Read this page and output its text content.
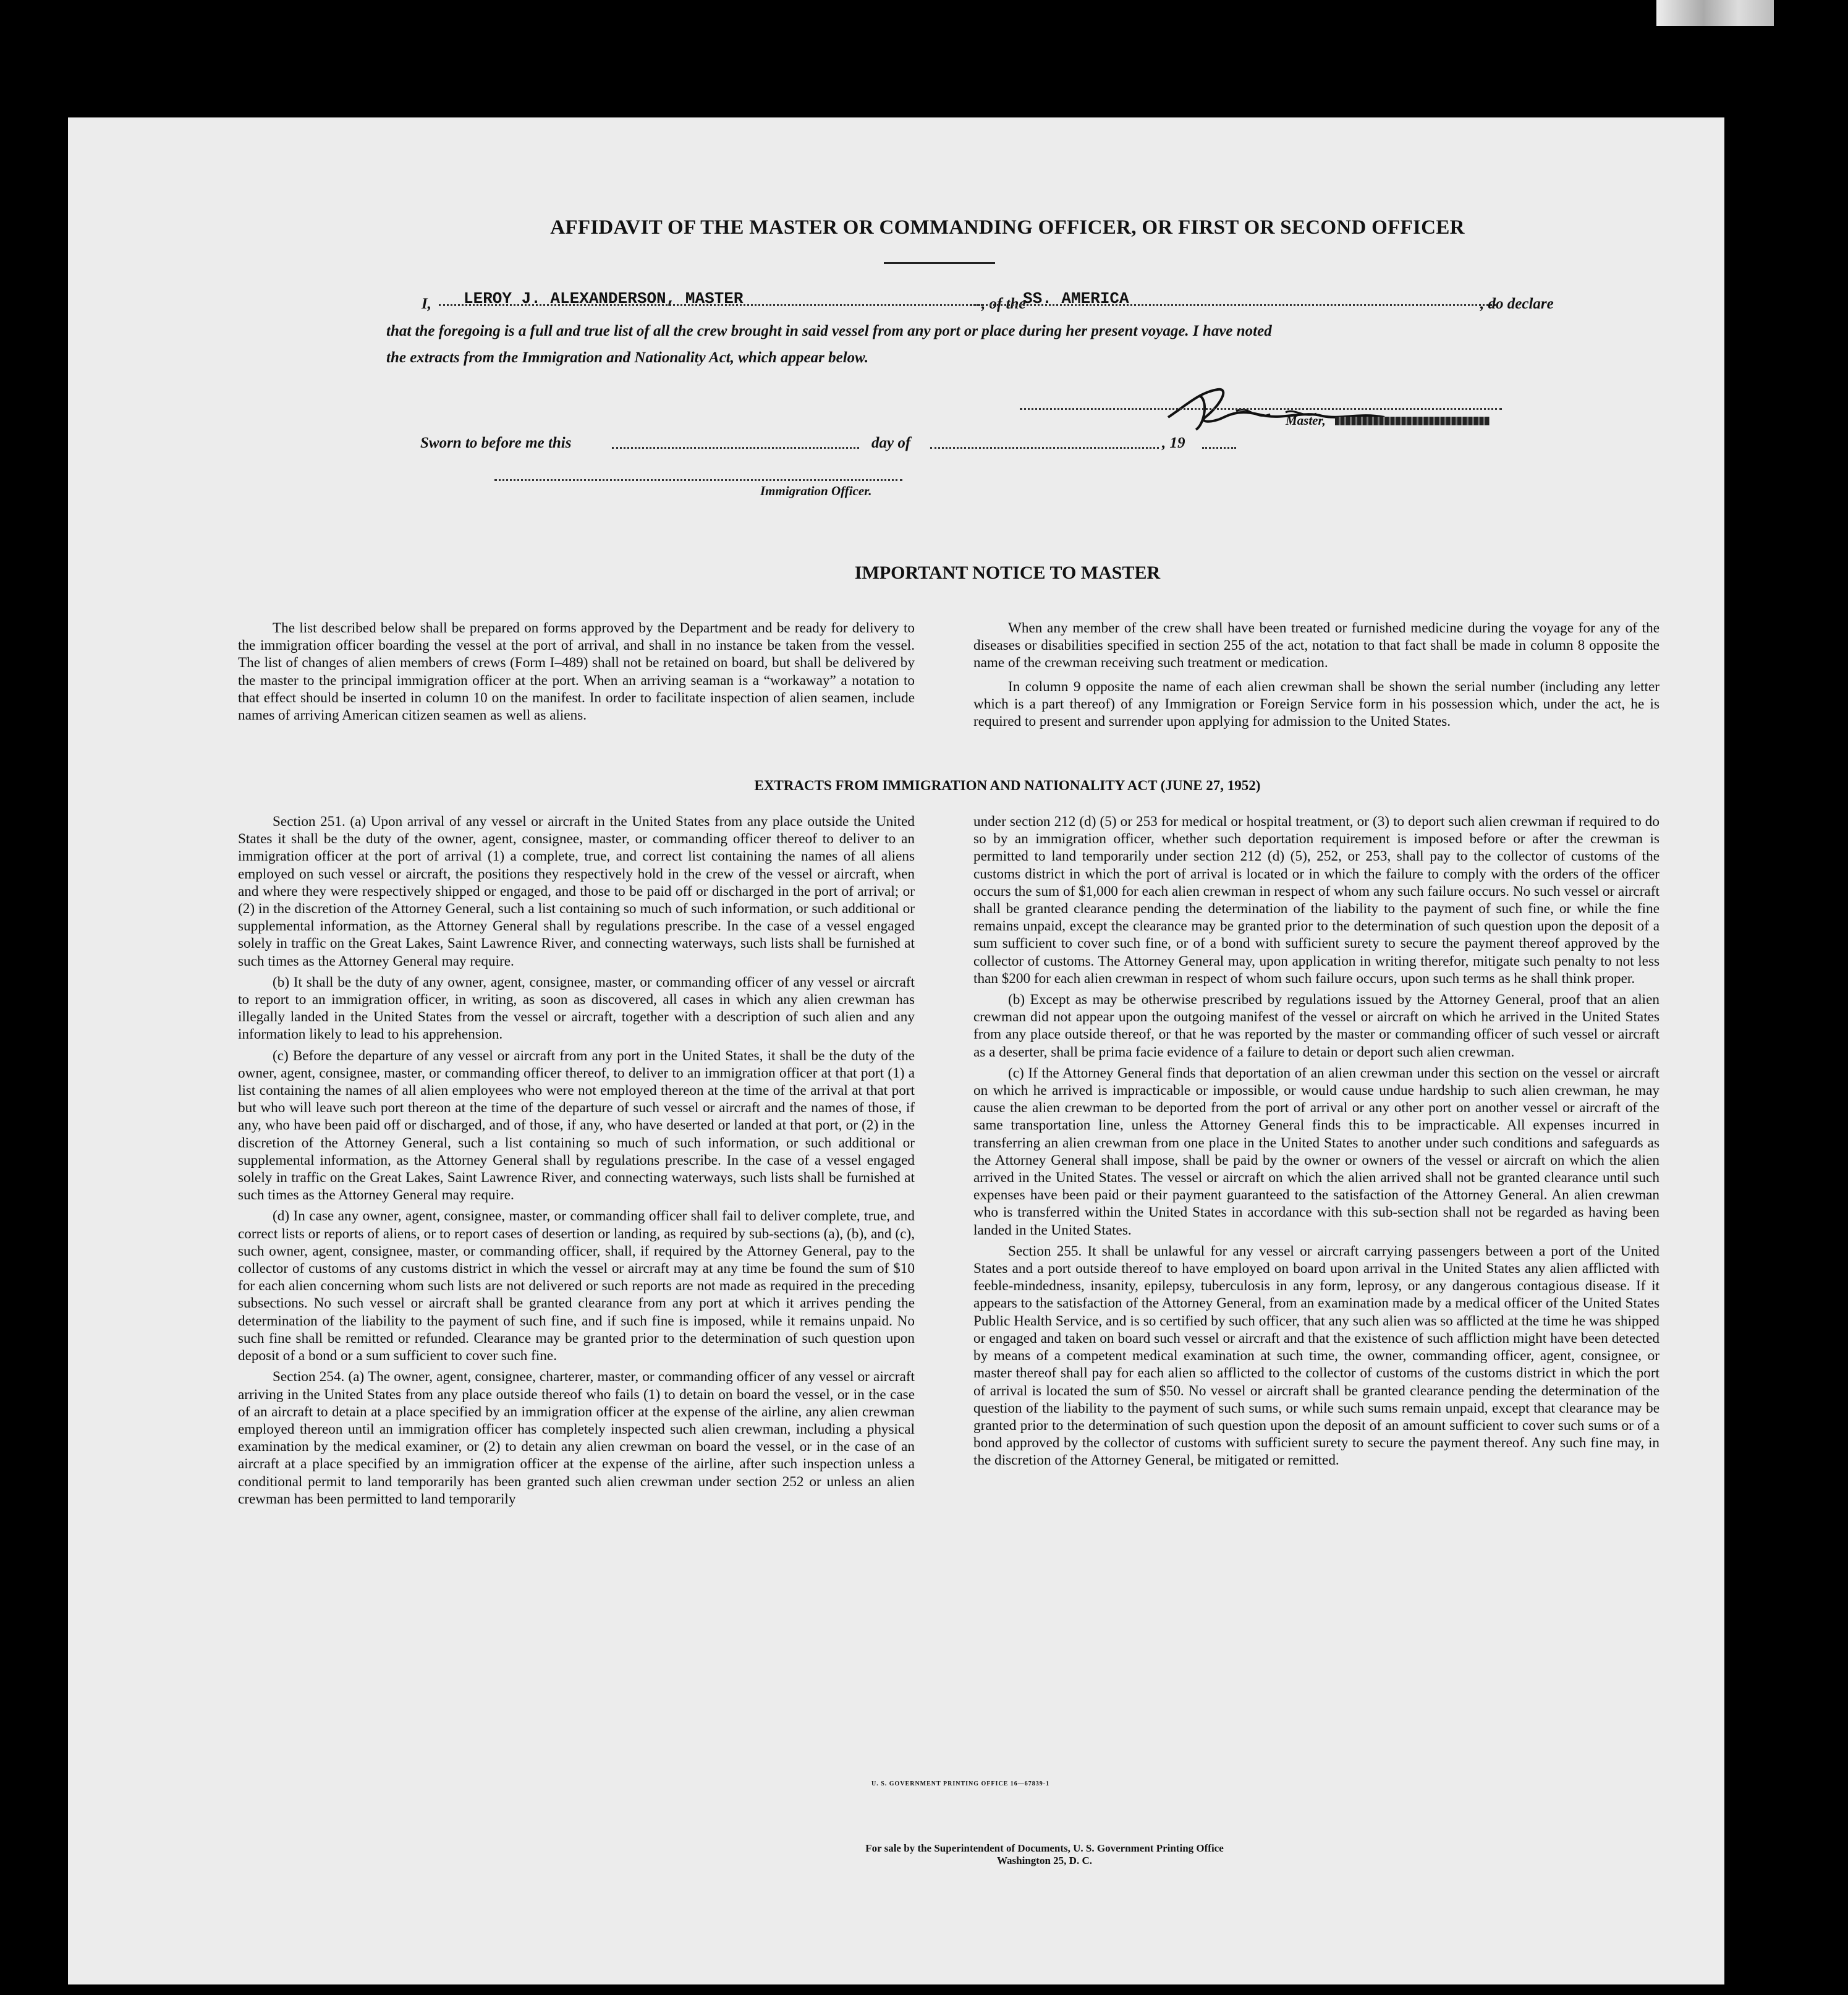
AFFIDAVIT OF THE MASTER OR COMMANDING OFFICER, OR FIRST OR SECOND OFFICER
I, LEROY J. ALEXANDERSON, MASTER	, of the
SS. AMERICA	, do declare
that the foregoing is a full and true list of all the crew brought in said vessel from any port or place during her present voyage. I have noted
the extracts from the Immigration and Nationality Act, which appear below.
Master,
Sworn to before me this	day of	, 19
Immigration Officer.
IMPORTANT NOTICE TO MASTER

The list described below shall be prepared on forms approved by the Department and be ready for delivery to the immigration officer boarding the vessel at the port of arrival, and shall in no instance be taken from the vessel. The list of changes of alien members of crews (Form I–489) shall not be retained on board, but shall be delivered by the master to the principal immigration officer at the port. When an arriving seaman is a “workaway” a notation to that effect should be inserted in column 10 on the manifest. In order to facilitate inspection of alien seamen, include names of arriving American citizen seamen as well as aliens.

When any member of the crew shall have been treated or furnished medicine during the voyage for any of the diseases or disabilities specified in section 255 of the act, notation to that fact shall be made in column 8 opposite the name of the crewman receiving such treatment or medication.

In column 9 opposite the name of each alien crewman shall be shown the serial number (including any letter which is a part thereof) of any Immigration or Foreign Service form in his possession which, under the act, he is required to present and surrender upon applying for admission to the United States.

EXTRACTS FROM IMMIGRATION AND NATIONALITY ACT (JUNE 27, 1952)

Section 251. (a) Upon arrival of any vessel or aircraft in the United States from any place outside the United States it shall be the duty of the owner, agent, consignee, master, or commanding officer thereof to deliver to an immigration officer at the port of arrival (1) a complete, true, and correct list containing the names of all aliens employed on such vessel or aircraft, the positions they respectively hold in the crew of the vessel or aircraft, when and where they were respectively shipped or engaged, and those to be paid off or discharged in the port of arrival; or (2) in the discretion of the Attorney General, such a list containing so much of such information, or such additional or supplemental information, as the Attorney General shall by regulations prescribe. In the case of a vessel engaged solely in traffic on the Great Lakes, Saint Lawrence River, and connecting waterways, such lists shall be furnished at such times as the Attorney General may require.

(b) It shall be the duty of any owner, agent, consignee, master, or commanding officer of any vessel or aircraft to report to an immigration officer, in writing, as soon as discovered, all cases in which any alien crewman has illegally landed in the United States from the vessel or aircraft, together with a description of such alien and any information likely to lead to his apprehension.

(c) Before the departure of any vessel or aircraft from any port in the United States, it shall be the duty of the owner, agent, consignee, master, or commanding officer thereof, to deliver to an immigration officer at that port (1) a list containing the names of all alien employees who were not employed thereon at the time of the arrival at that port but who will leave such port thereon at the time of the departure of such vessel or aircraft and the names of those, if any, who have been paid off or discharged, and of those, if any, who have deserted or landed at that port, or (2) in the discretion of the Attorney General, such a list containing so much of such information, or such additional or supplemental information, as the Attorney General shall by regulations prescribe. In the case of a vessel engaged solely in traffic on the Great Lakes, Saint Lawrence River, and connecting waterways, such lists shall be furnished at such times as the Attorney General may require.

(d) In case any owner, agent, consignee, master, or commanding officer shall fail to deliver complete, true, and correct lists or reports of aliens, or to report cases of desertion or landing, as required by sub-sections (a), (b), and (c), such owner, agent, consignee, master, or commanding officer, shall, if required by the Attorney General, pay to the collector of customs of any customs district in which the vessel or aircraft may at any time be found the sum of $10 for each alien concerning whom such lists are not delivered or such reports are not made as required in the preceding subsections. No such vessel or aircraft shall be granted clearance from any port at which it arrives pending the determination of the liability to the payment of such fine, and if such fine is imposed, while it remains unpaid. No such fine shall be remitted or refunded. Clearance may be granted prior to the determination of such question upon deposit of a bond or a sum sufficient to cover such fine.

Section 254. (a) The owner, agent, consignee, charterer, master, or commanding officer of any vessel or aircraft arriving in the United States from any place outside thereof who fails (1) to detain on board the vessel, or in the case of an aircraft to detain at a place specified by an immigration officer at the expense of the airline, any alien crewman employed thereon until an immigration officer has completely inspected such alien crewman, including a physical examination by the medical examiner, or (2) to detain any alien crewman on board the vessel, or in the case of an aircraft at a place specified by an immigration officer at the expense of the airline, after such inspection unless a conditional permit to land temporarily has been granted such alien crewman under section 252 or unless an alien crewman has been permitted to land temporarily

under section 212 (d) (5) or 253 for medical or hospital treatment, or (3) to deport such alien crewman if required to do so by an immigration officer, whether such deportation requirement is imposed before or after the crewman is permitted to land temporarily under section 212 (d) (5), 252, or 253, shall pay to the collector of customs of the customs district in which the port of arrival is located or in which the failure to comply with the orders of the officer occurs the sum of $1,000 for each alien crewman in respect of whom any such failure occurs. No such vessel or aircraft shall be granted clearance pending the determination of the liability to the payment of such fine, or while the fine remains unpaid, except the clearance may be granted prior to the determination of such question upon the deposit of a sum sufficient to cover such fine, or of a bond with sufficient surety to secure the payment thereof approved by the collector of customs. The Attorney General may, upon application in writing therefor, mitigate such penalty to not less than $200 for each alien crewman in respect of whom such failure occurs, upon such terms as he shall think proper.

(b) Except as may be otherwise prescribed by regulations issued by the Attorney General, proof that an alien crewman did not appear upon the outgoing manifest of the vessel or aircraft on which he arrived in the United States from any place outside thereof, or that he was reported by the master or commanding officer of such vessel or aircraft as a deserter, shall be prima facie evidence of a failure to detain or deport such alien crewman.

(c) If the Attorney General finds that deportation of an alien crewman under this section on the vessel or aircraft on which he arrived is impracticable or impossible, or would cause undue hardship to such alien crewman, he may cause the alien crewman to be deported from the port of arrival or any other port on another vessel or aircraft of the same transportation line, unless the Attorney General finds this to be impracticable. All expenses incurred in transferring an alien crewman from one place in the United States to another under such conditions and safeguards as the Attorney General shall impose, shall be paid by the owner or owners of the vessel or aircraft on which the alien arrived in the United States. The vessel or aircraft on which the alien arrived shall not be granted clearance until such expenses have been paid or their payment guaranteed to the satisfaction of the Attorney General. An alien crewman who is transferred within the United States in accordance with this sub-section shall not be regarded as having been landed in the United States.

Section 255. It shall be unlawful for any vessel or aircraft carrying passengers between a port of the United States and a port outside thereof to have employed on board upon arrival in the United States any alien afflicted with feeble-mindedness, insanity, epilepsy, tuberculosis in any form, leprosy, or any dangerous contagious disease. If it appears to the satisfaction of the Attorney General, from an examination made by a medical officer of the United States Public Health Service, and is so certified by such officer, that any such alien was so afflicted at the time he was shipped or engaged and taken on board such vessel or aircraft and that the existence of such affliction might have been detected by means of a competent medical examination at such time, the owner, commanding officer, agent, consignee, or master thereof shall pay for each alien so afflicted to the collector of customs of the customs district in which the port of arrival is located the sum of $50. No vessel or aircraft shall be granted clearance pending the determination of the question of the liability to the payment of such sums, or while such sums remain unpaid, except that clearance may be granted prior to the determination of such question upon the deposit of an amount sufficient to cover such sums or of a bond approved by the collector of customs with sufficient surety to secure the payment thereof. Any such fine may, in the discretion of the Attorney General, be mitigated or remitted.

U. S. GOVERNMENT PRINTING OFFICE 16—67839-1
For sale by the Superintendent of Documents, U. S. Government Printing Office
Washington 25, D. C.
